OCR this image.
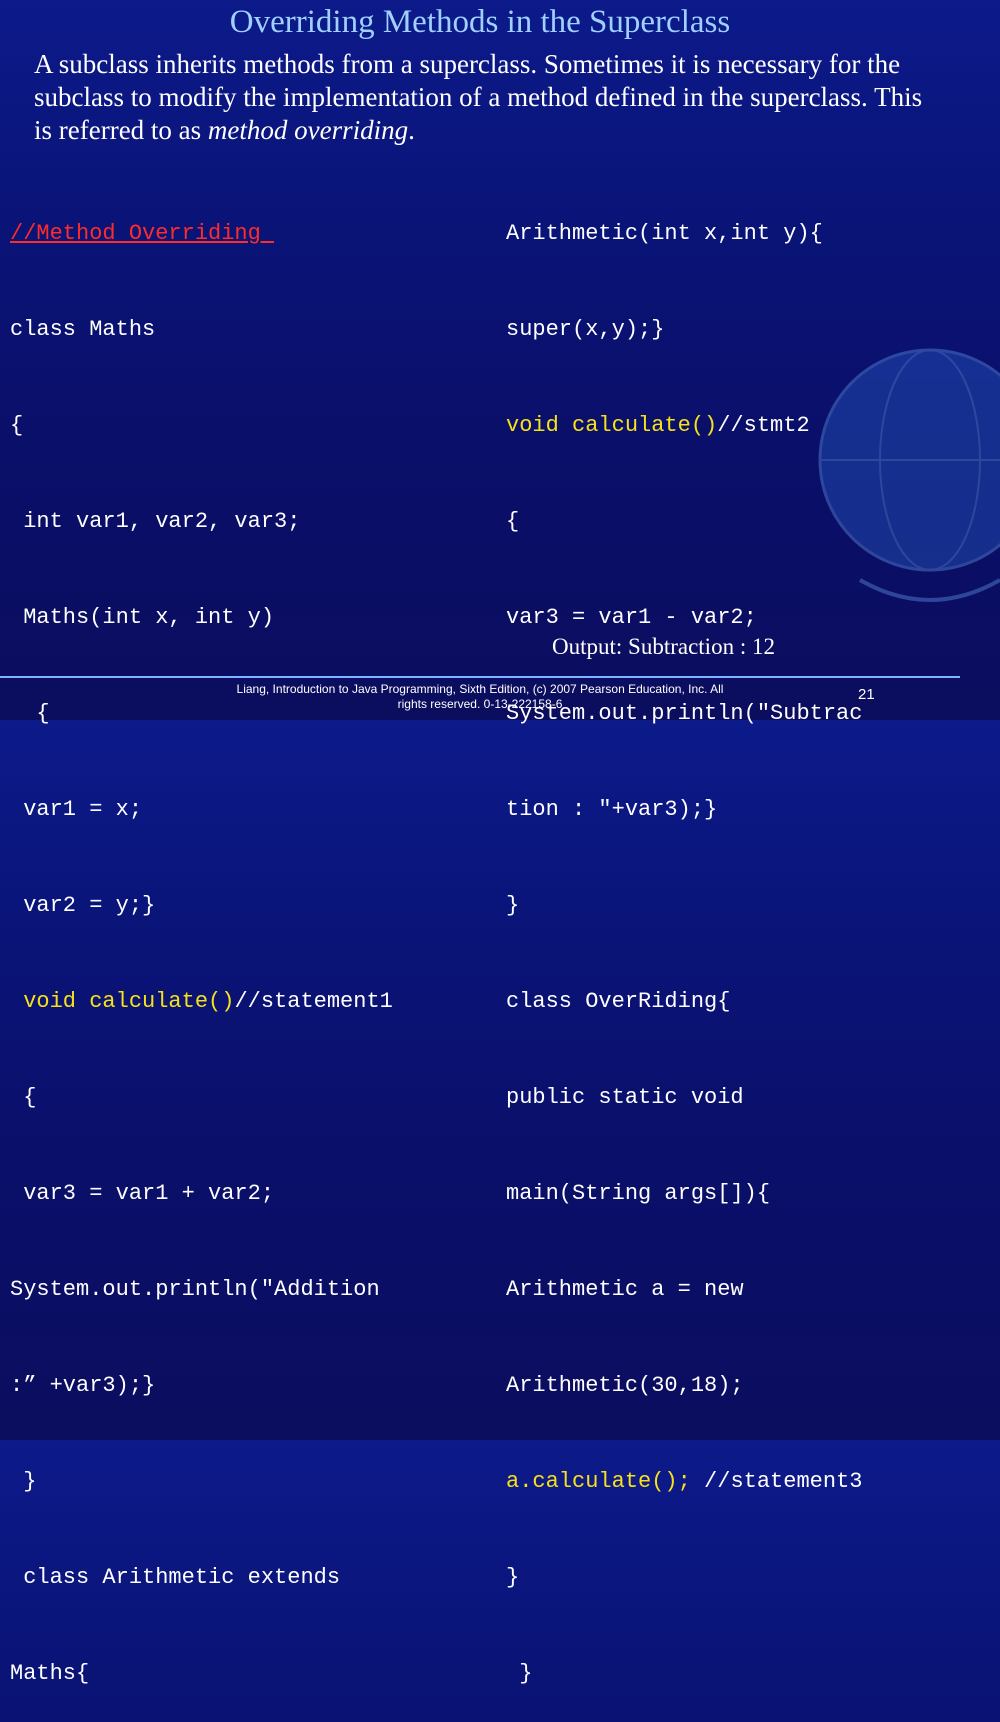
Overriding Methods in the Superclass
A subclass inherits methods from a superclass. Sometimes it is necessary for the subclass to modify the implementation of a method defined in the superclass. This is referred to as method overriding.

//Method Overriding

class Maths

{

int var1, var2, var3;

Maths(int x, int y)

{

var1 = x;

var2 = y;}

void calculate()//statement1

{

var3 = var1 + var2;

System.out.println("Addition

:” +var3);}

}

class Arithmetic extends

Maths{

Arithmetic(int x,int y){

super(x,y);}

void calculate()//stmt2

{

var3 = var1 - var2;

System.out.println("Subtrac

tion : "+var3);}

}

class OverRiding{

public static void

main(String args[]){

Arithmetic a = new

Arithmetic(30,18);

a.calculate(); //statement3

}

}

Output: Subtraction : 12
Liang, Introduction to Java Programming, Sixth Edition, (c) 2007 Pearson Education, Inc. All
rights reserved. 0-13-222158-6
21
